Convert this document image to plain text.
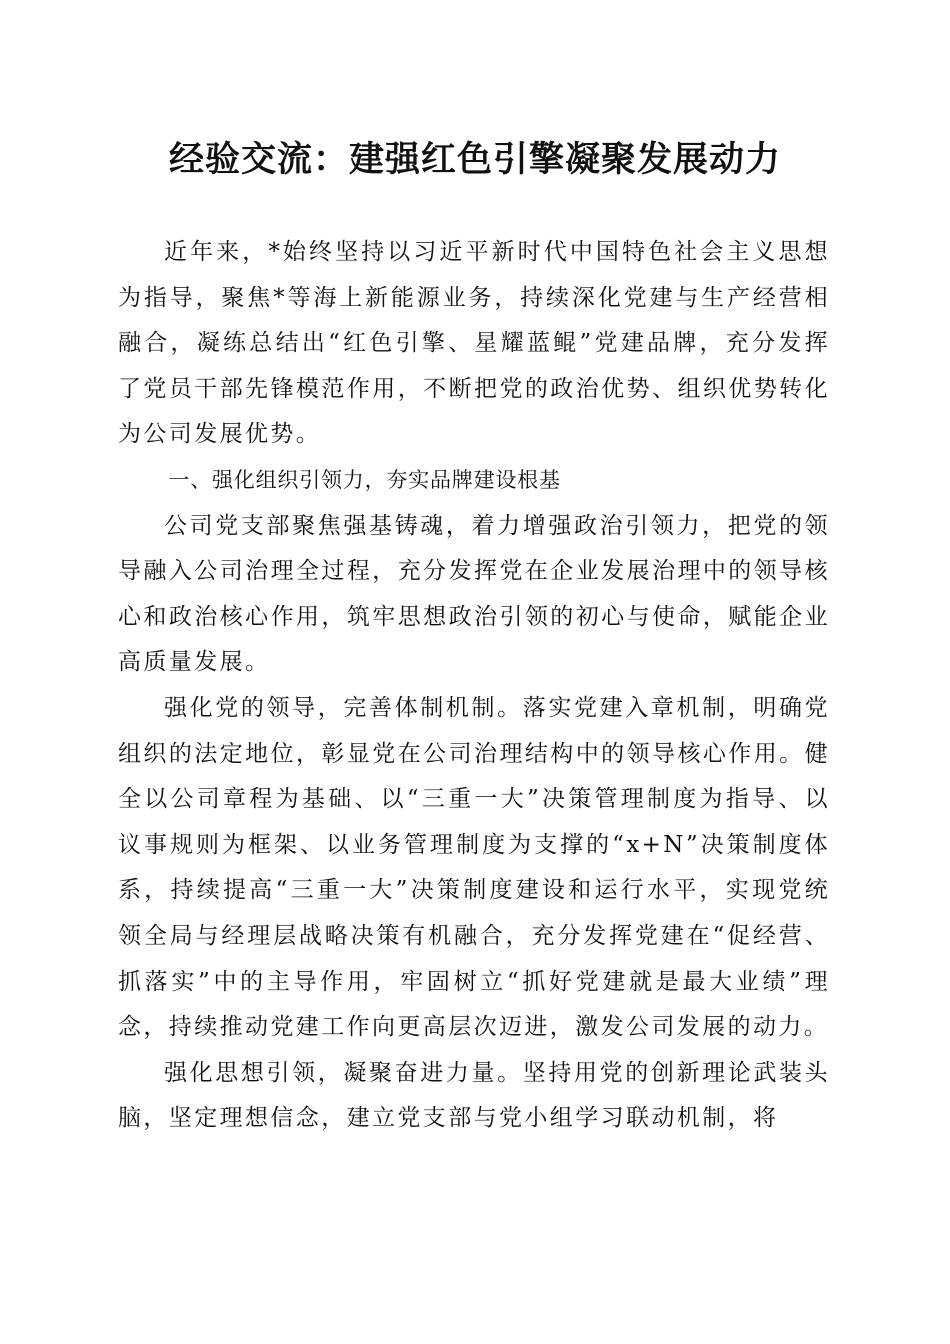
经验交流：建强红色引擎凝聚发展动力

近年来，*始终坚持以习近平新时代中国特色社会主义思想为指导，聚焦*等海上新能源业务，持续深化党建与生产经营相融合，凝练总结出“红色引擎、星耀蓝鲲”党建品牌，充分发挥了党员干部先锋模范作用，不断把党的政治优势、组织优势转化为公司发展优势。

一、强化组织引领力，夯实品牌建设根基

公司党支部聚焦强基铸魂，着力增强政治引领力，把党的领导融入公司治理全过程，充分发挥党在企业发展治理中的领导核心和政治核心作用，筑牢思想政治引领的初心与使命，赋能企业高质量发展。

强化党的领导，完善体制机制。落实党建入章机制，明确党组织的法定地位，彰显党在公司治理结构中的领导核心作用。健全以公司章程为基础、以“三重一大”决策管理制度为指导、以议事规则为框架、以业务管理制度为支撑的“x+N”决策制度体系，持续提高“三重一大”决策制度建设和运行水平，实现党统领全局与经理层战略决策有机融合，充分发挥党建在“促经营、抓落实”中的主导作用，牢固树立“抓好党建就是最大业绩”理念，持续推动党建工作向更高层次迈进，激发公司发展的动力。

强化思想引领，凝聚奋进力量。坚持用党的创新理论武装头脑，坚定理想信念，建立党支部与党小组学习联动机制，将
